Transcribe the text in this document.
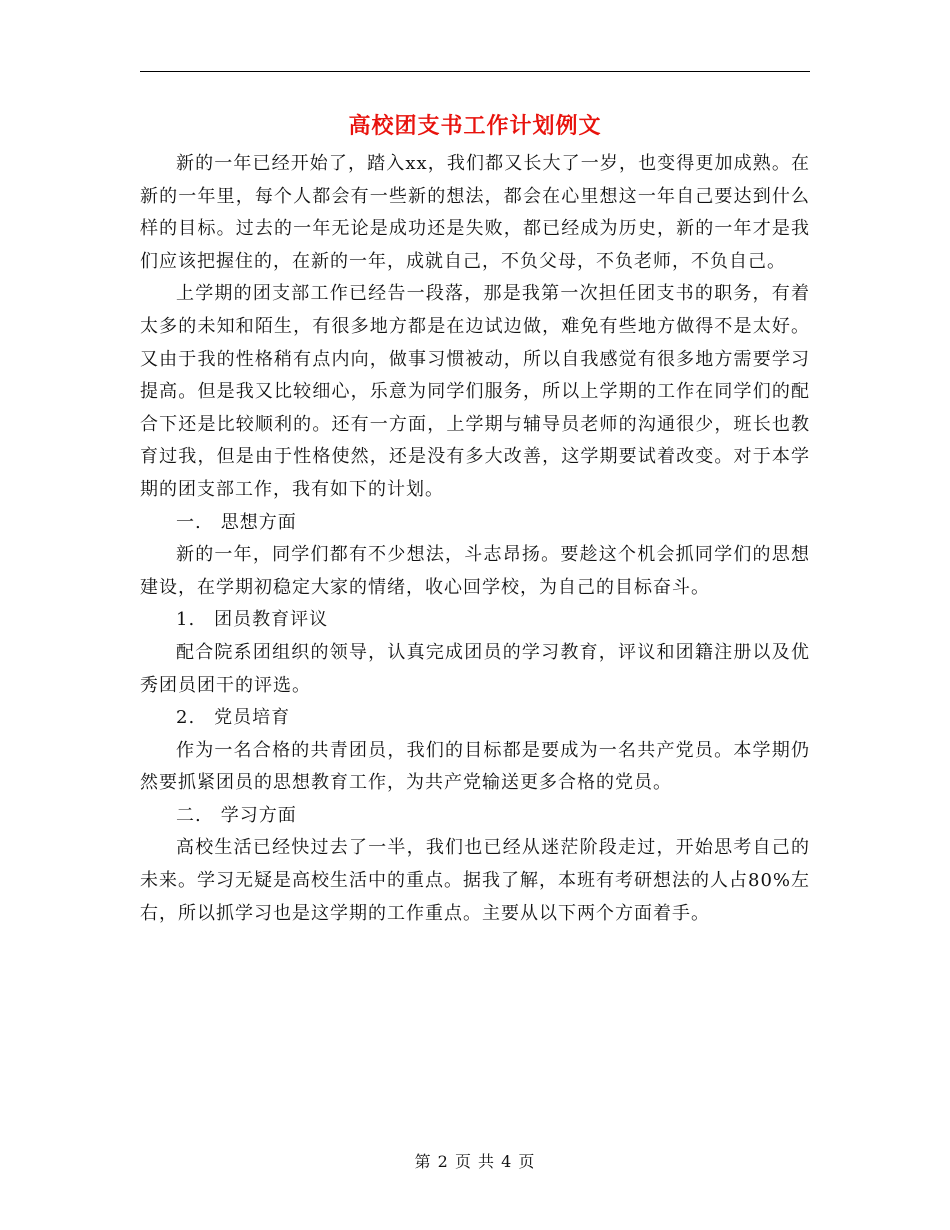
高校团支书工作计划例文

新的一年已经开始了，踏入xx，我们都又长大了一岁，也变得更加成熟。在新的一年里，每个人都会有一些新的想法，都会在心里想这一年自己要达到什么样的目标。过去的一年无论是成功还是失败，都已经成为历史，新的一年才是我们应该把握住的，在新的一年，成就自己，不负父母，不负老师，不负自己。

上学期的团支部工作已经告一段落，那是我第一次担任团支书的职务，有着太多的未知和陌生，有很多地方都是在边试边做，难免有些地方做得不是太好。又由于我的性格稍有点内向，做事习惯被动，所以自我感觉有很多地方需要学习提高。但是我又比较细心，乐意为同学们服务，所以上学期的工作在同学们的配合下还是比较顺利的。还有一方面，上学期与辅导员老师的沟通很少，班长也教育过我，但是由于性格使然，还是没有多大改善，这学期要试着改变。对于本学期的团支部工作，我有如下的计划。

一.　思想方面

新的一年，同学们都有不少想法，斗志昂扬。要趁这个机会抓同学们的思想建设，在学期初稳定大家的情绪，收心回学校，为自己的目标奋斗。

1.　团员教育评议

配合院系团组织的领导，认真完成团员的学习教育，评议和团籍注册以及优秀团员团干的评选。

2.　党员培育

作为一名合格的共青团员，我们的目标都是要成为一名共产党员。本学期仍然要抓紧团员的思想教育工作，为共产党输送更多合格的党员。

二.　学习方面

高校生活已经快过去了一半，我们也已经从迷茫阶段走过，开始思考自己的未来。学习无疑是高校生活中的重点。据我了解，本班有考研想法的人占80%左右，所以抓学习也是这学期的工作重点。主要从以下两个方面着手。

第 2 页 共 4 页
